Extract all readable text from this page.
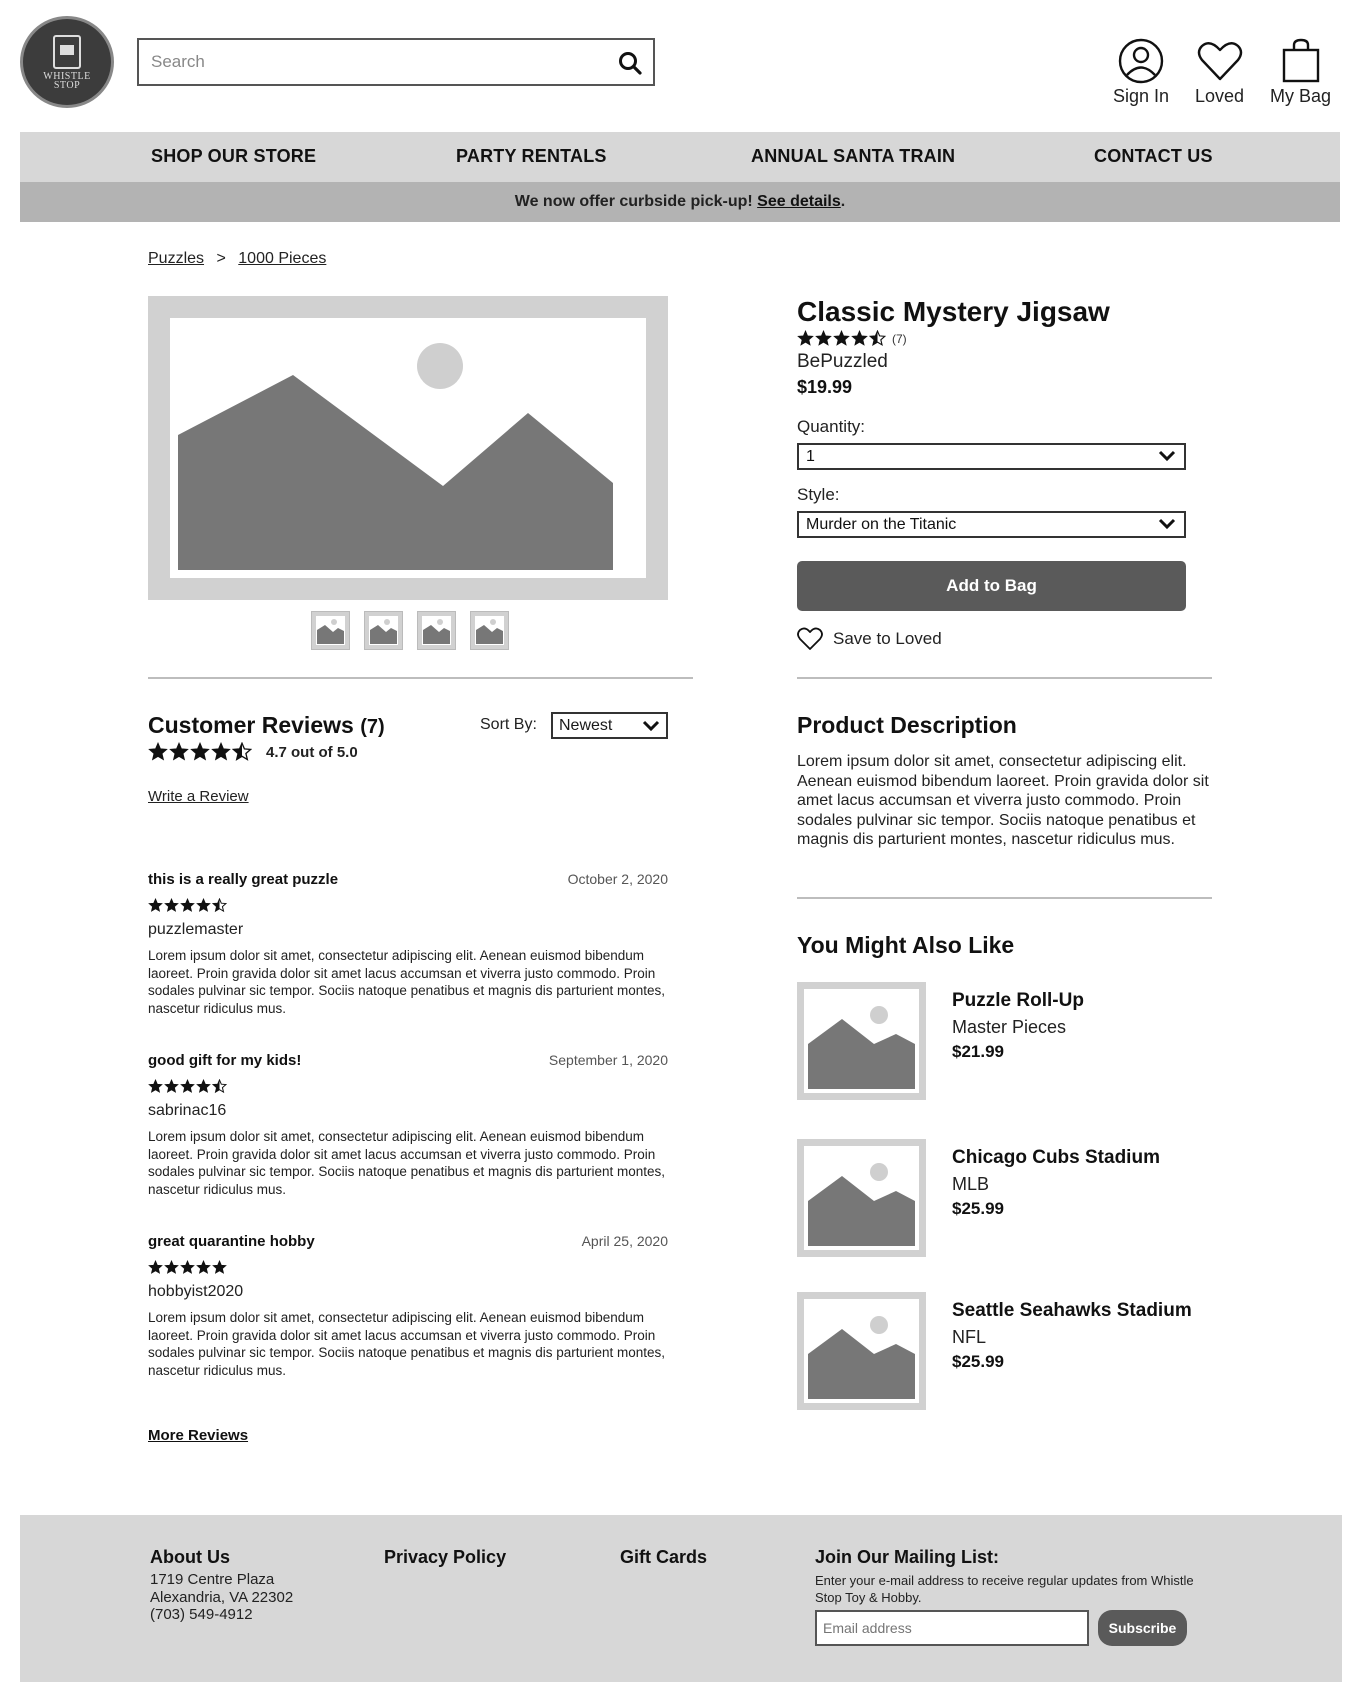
WHISTLE
STOP
Search
Sign In Loved My Bag
SHOP OUR STORE	PARTY RENTALS	ANNUAL SANTA TRAIN	CONTACT US
We now offer curbside pick-up! See details.
Puzzles > 1000 Pieces
Classic Mystery Jigsaw
(7)
BePuzzled
$19.99
Quantity:
1
Style:
Murder on the Titanic
Add to Bag
Save to Loved
Customer Reviews (7)	Sort By:	Newest
4.7 out of 5.0
Write a Review
this is a really great puzzle	October 2, 2020
puzzlemaster
Lorem ipsum dolor sit amet, consectetur adipiscing elit. Aenean euismod bibendum laoreet. Proin gravida dolor sit amet lacus accumsan et viverra justo commodo. Proin sodales pulvinar sic tempor. Sociis natoque penatibus et magnis dis parturient montes, nascetur ridiculus mus.
good gift for my kids!	September 1, 2020
sabrinac16
Lorem ipsum dolor sit amet, consectetur adipiscing elit. Aenean euismod bibendum laoreet. Proin gravida dolor sit amet lacus accumsan et viverra justo commodo. Proin sodales pulvinar sic tempor. Sociis natoque penatibus et magnis dis parturient montes, nascetur ridiculus mus.
great quarantine hobby	April 25, 2020
hobbyist2020
Lorem ipsum dolor sit amet, consectetur adipiscing elit. Aenean euismod bibendum laoreet. Proin gravida dolor sit amet lacus accumsan et viverra justo commodo. Proin sodales pulvinar sic tempor. Sociis natoque penatibus et magnis dis parturient montes, nascetur ridiculus mus.
More Reviews
Product Description
Lorem ipsum dolor sit amet, consectetur adipiscing elit. Aenean euismod bibendum laoreet. Proin gravida dolor sit amet lacus accumsan et viverra justo commodo. Proin sodales pulvinar sic tempor. Sociis natoque penatibus et magnis dis parturient montes, nascetur ridiculus mus.
You Might Also Like
Puzzle Roll-Up
Master Pieces
$21.99
Chicago Cubs Stadium
MLB
$25.99
Seattle Seahawks Stadium
NFL
$25.99
About Us
1719 Centre Plaza
Alexandria, VA 22302
(703) 549-4912
Privacy Policy	Gift Cards	Join Our Mailing List:
Enter your e-mail address to receive regular updates from Whistle Stop Toy & Hobby.
Email address
Subscribe
